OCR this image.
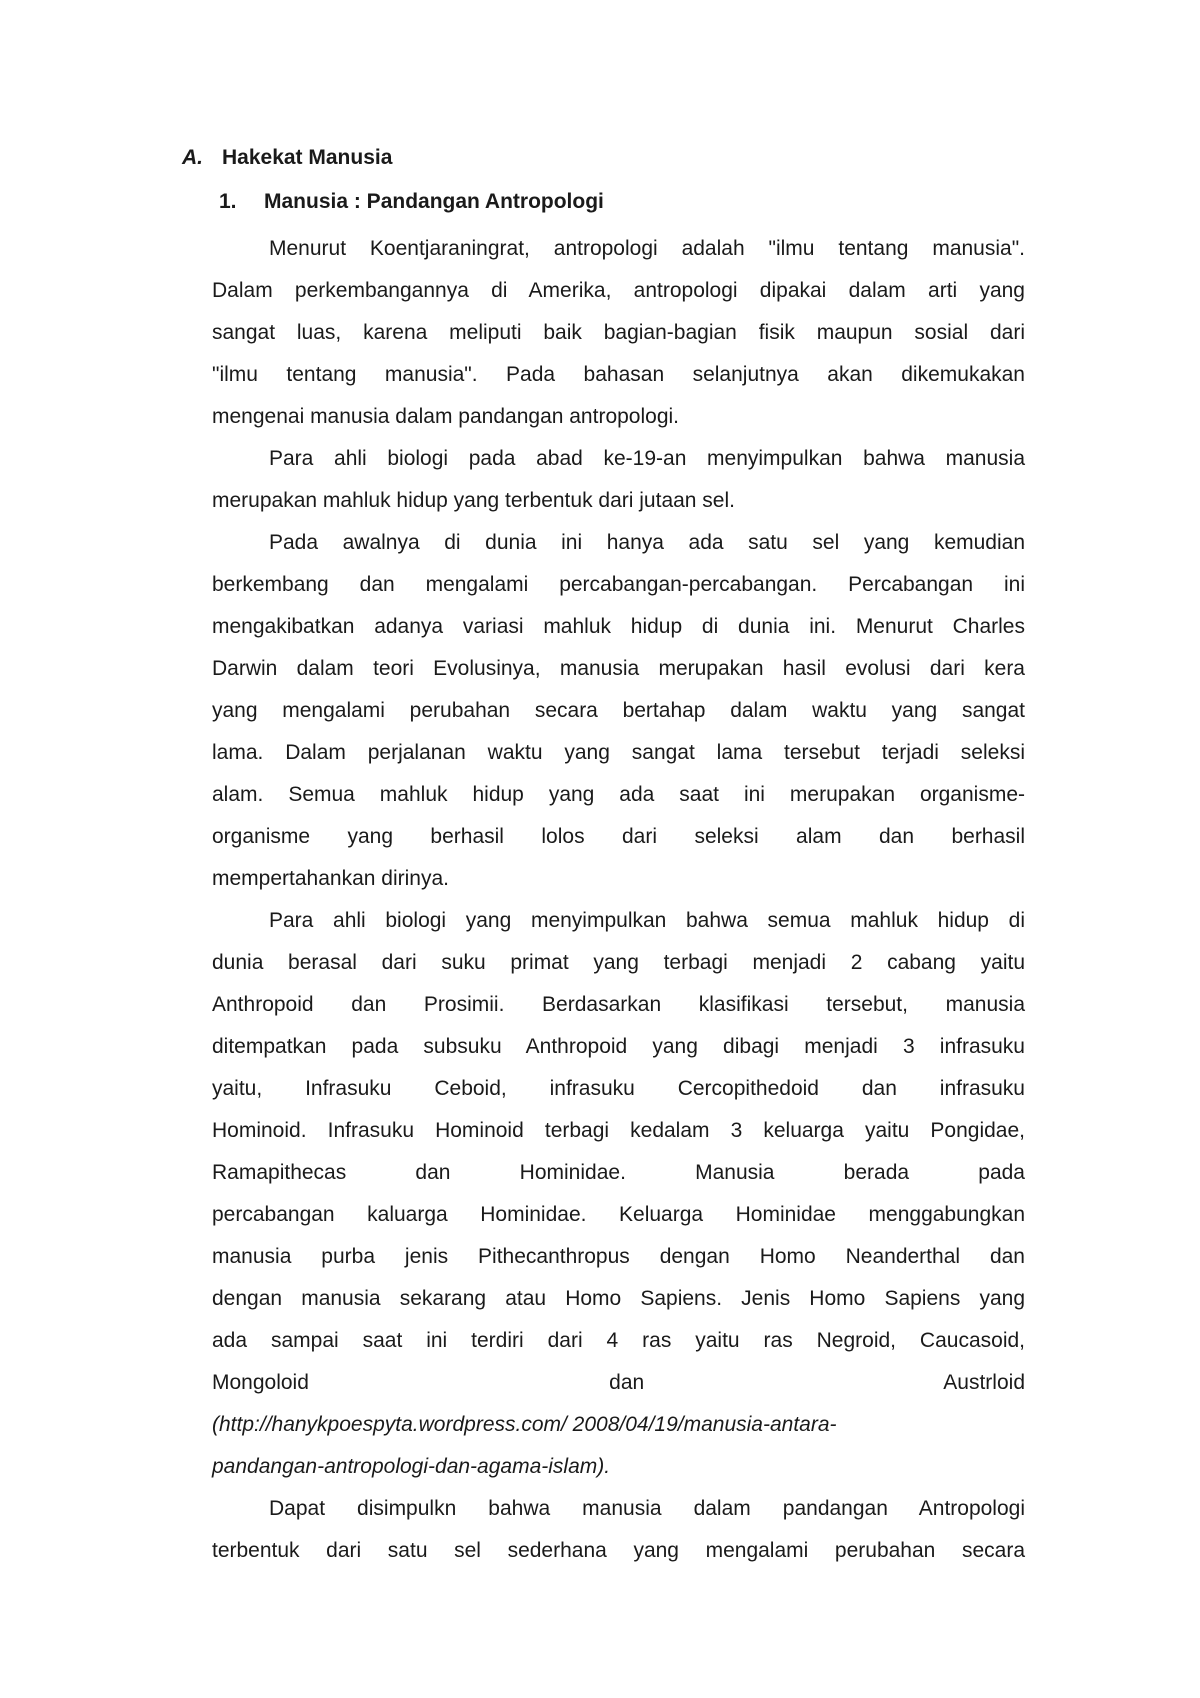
A. Hakekat Manusia
1. Manusia : Pandangan Antropologi
Menurut Koentjaraningrat, antropologi adalah "ilmu tentang manusia".
Dalam perkembangannya di Amerika, antropologi dipakai dalam arti yang
sangat luas, karena meliputi baik bagian-bagian fisik maupun sosial dari
"ilmu tentang manusia". Pada bahasan selanjutnya akan dikemukakan
mengenai manusia dalam pandangan antropologi.
Para ahli biologi pada abad ke-19-an menyimpulkan bahwa manusia
merupakan mahluk hidup yang terbentuk dari jutaan sel.
Pada awalnya di dunia ini hanya ada satu sel yang kemudian
berkembang dan mengalami percabangan-percabangan. Percabangan ini
mengakibatkan adanya variasi mahluk hidup di dunia ini. Menurut Charles
Darwin dalam teori Evolusinya, manusia merupakan hasil evolusi dari kera
yang mengalami perubahan secara bertahap dalam waktu yang sangat
lama. Dalam perjalanan waktu yang sangat lama tersebut terjadi seleksi
alam. Semua mahluk hidup yang ada saat ini merupakan organisme-
organisme yang berhasil lolos dari seleksi alam dan berhasil
mempertahankan dirinya.
Para ahli biologi yang menyimpulkan bahwa semua mahluk hidup di
dunia berasal dari suku primat yang terbagi menjadi 2 cabang yaitu
Anthropoid dan Prosimii. Berdasarkan klasifikasi tersebut, manusia
ditempatkan pada subsuku Anthropoid yang dibagi menjadi 3 infrasuku
yaitu, Infrasuku Ceboid, infrasuku Cercopithedoid dan infrasuku
Hominoid. Infrasuku Hominoid terbagi kedalam 3 keluarga yaitu Pongidae,
Ramapithecas dan Hominidae. Manusia berada pada
percabangan kaluarga Hominidae. Keluarga Hominidae menggabungkan
manusia purba jenis Pithecanthropus dengan Homo Neanderthal dan
dengan manusia sekarang atau Homo Sapiens. Jenis Homo Sapiens yang
ada sampai saat ini terdiri dari 4 ras yaitu ras Negroid, Caucasoid,
Mongoloid dan Austrloid
(http://hanykpoespyta.wordpress.com/ 2008/04/19/manusia-antara-
pandangan-antropologi-dan-agama-islam).
Dapat disimpulkn bahwa manusia dalam pandangan Antropologi
terbentuk dari satu sel sederhana yang mengalami perubahan secara
